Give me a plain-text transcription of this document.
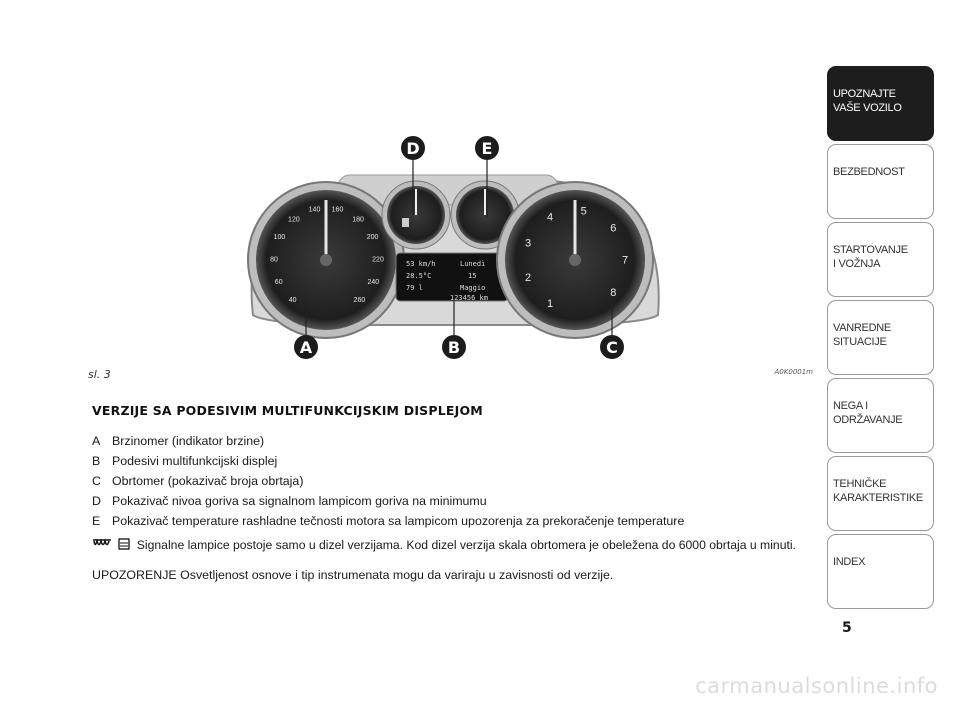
40
60
80
100
120
140 160
180
200
220
240
260
53 km/h	Lunedì
28.5°C	15
79 l	Maggio
123456 km	1
2
3
4	5
6
7
8
D	E
A	B	C
sl. 3	A0K0001m
VERZIJE SA PODESIVIM MULTIFUNKCIJSKIM DISPLEJOM
A Brzinomer (indikator brzine)
B Podesivi multifunkcijski displej
C Obrtomer (pokazivač broja obrtaja)
D Pokazivač nivoa goriva sa signalnom lampicom goriva na minimumu
E Pokazivač temperature rashladne tečnosti motora sa lampicom upozorenja za prekoračenje temperature
Signalne lampice postoje samo u dizel verzijama. Kod dizel verzija skala obrtomera je obeležena do 6000 obrtaja u minuti.
UPOZORENJE Osvetljenost osnove i tip instrumenata mogu da variraju u zavisnosti od verzije.
UPOZNAJTE
VAŠE VOZILO
BEZBEDNOST
STARTOVANJE
I VOŽNJA
VANREDNE
SITUACIJE
NEGA I
ODRŽAVANJE
TEHNIČKE
KARAKTERISTIKE
INDEX
5
carmanualsonline.info
